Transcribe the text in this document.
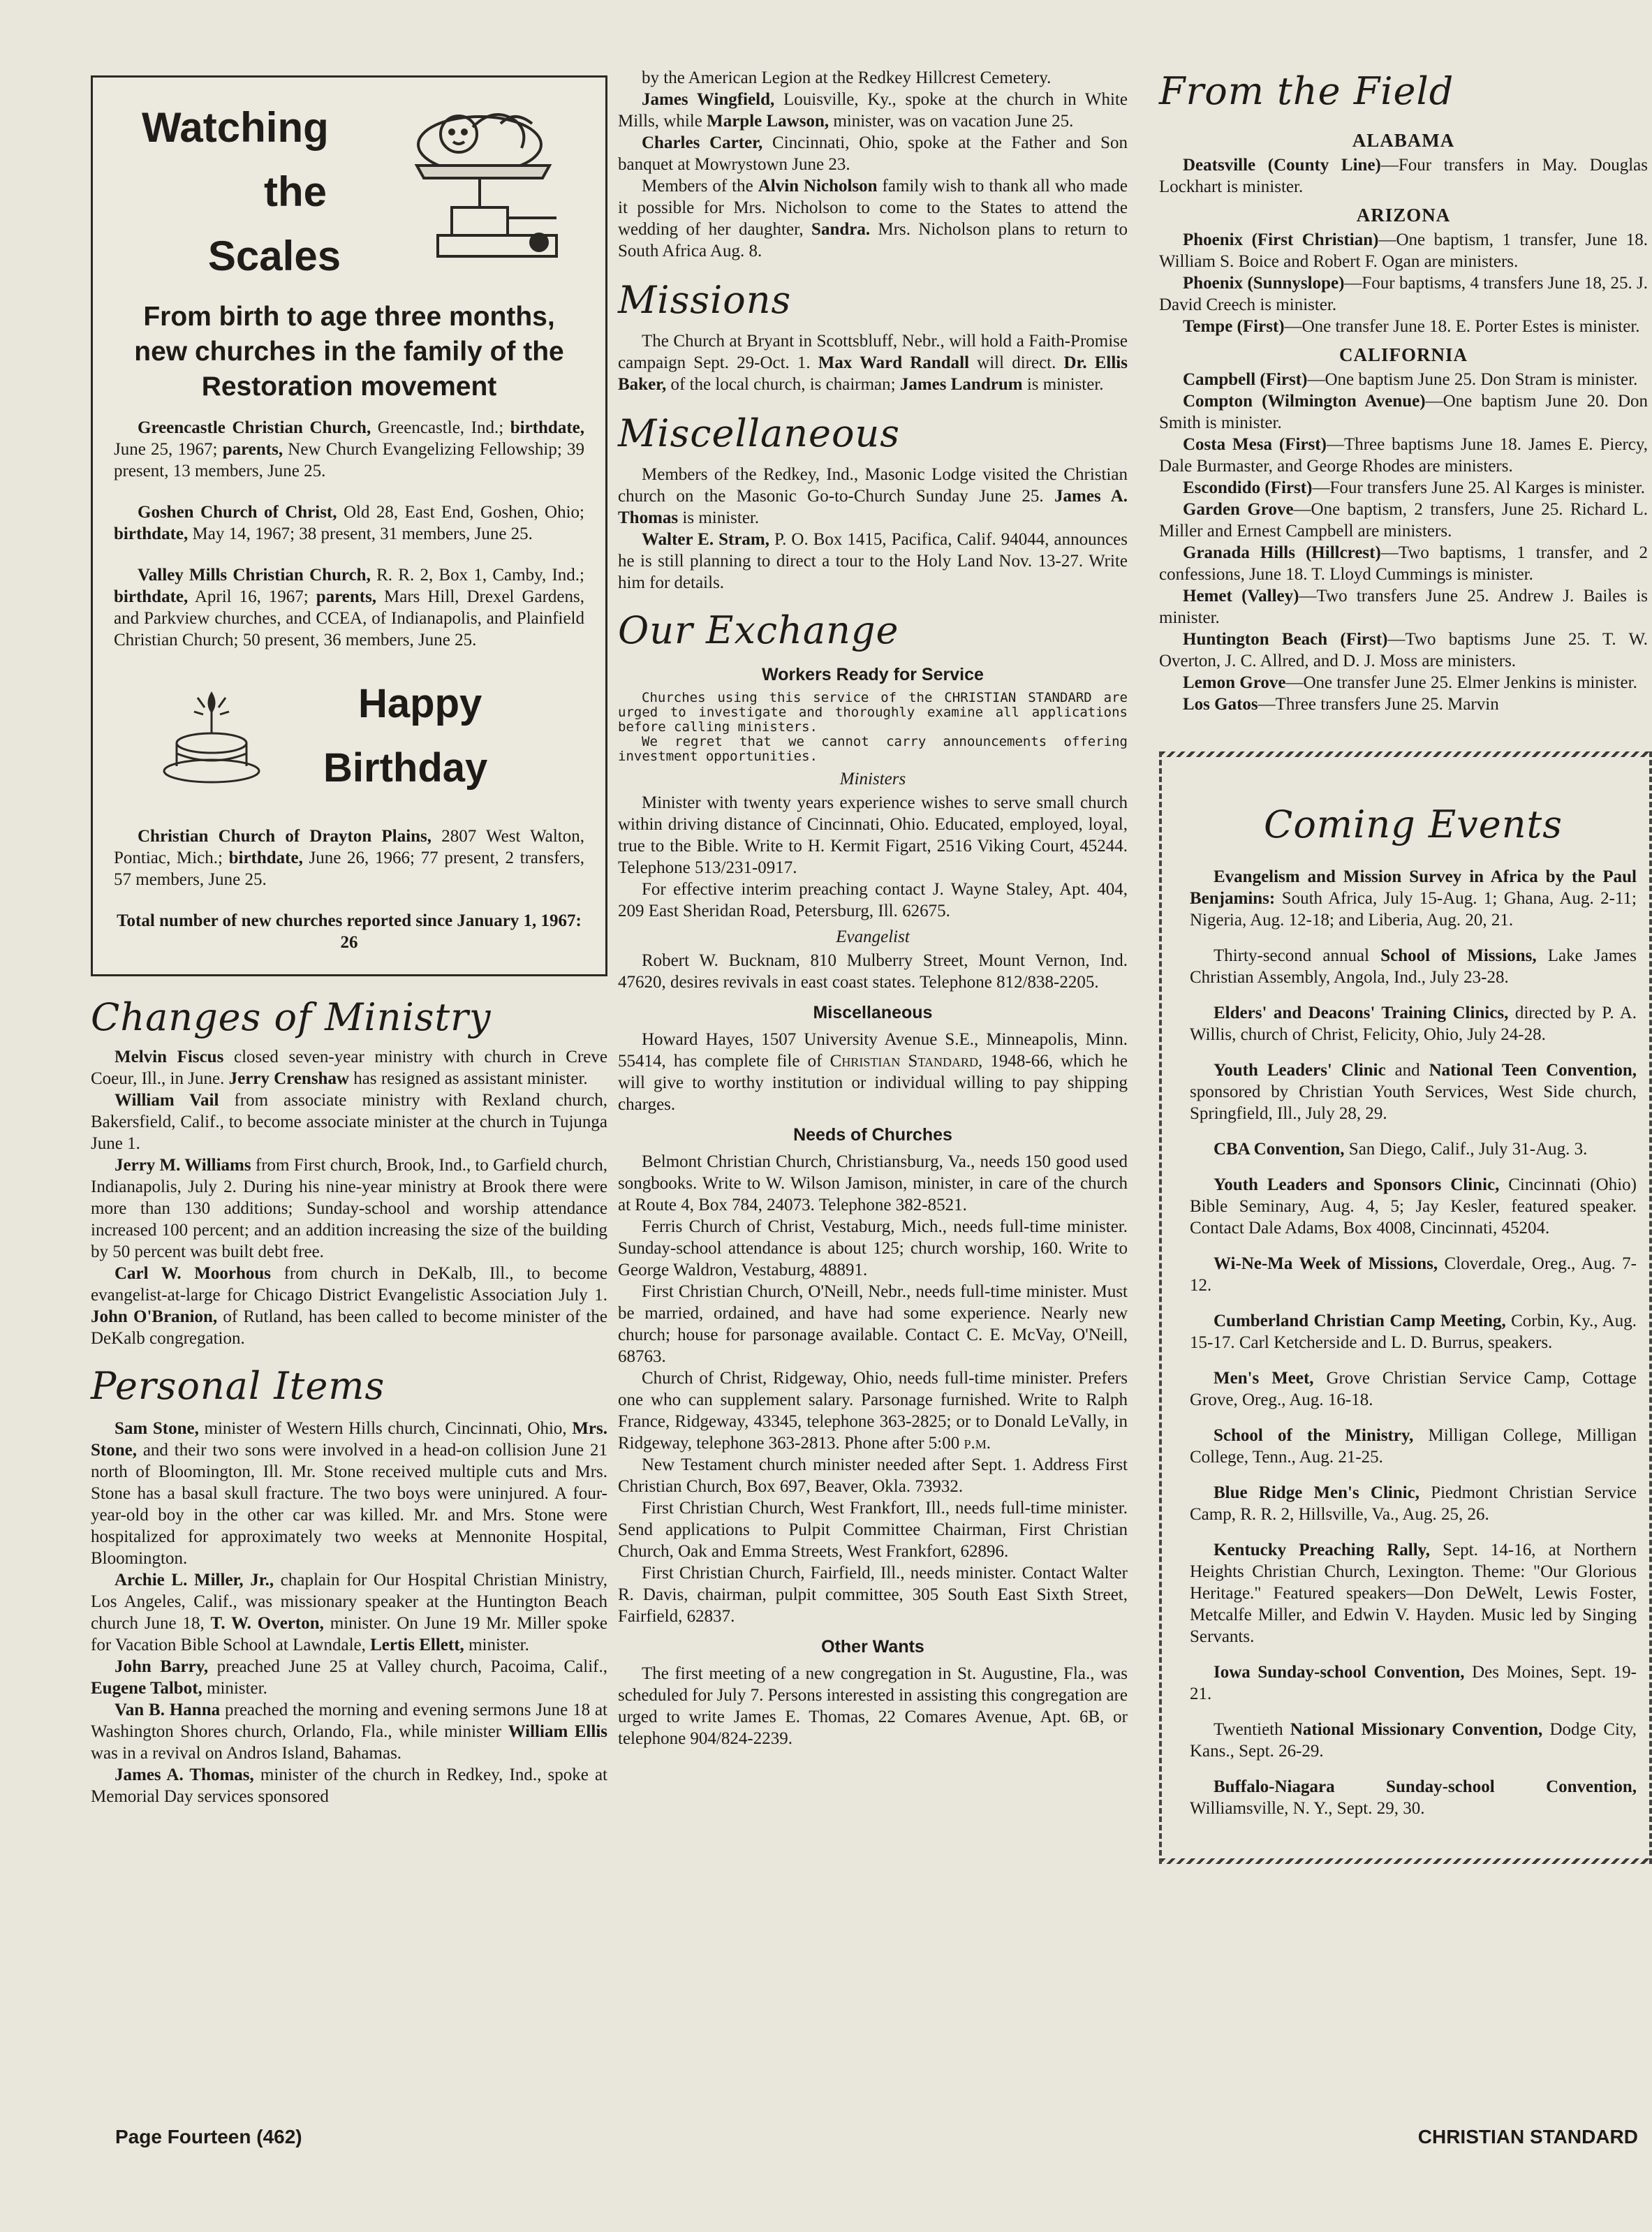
Watching
the
Scales
From birth to age three months, new churches in the family of the Restoration movement

Greencastle Christian Church, Greencastle, Ind.; birthdate, June 25, 1967; parents, New Church Evangelizing Fellowship; 39 present, 13 members, June 25.

Goshen Church of Christ, Old 28, East End, Goshen, Ohio; birthdate, May 14, 1967; 38 present, 31 members, June 25.

Valley Mills Christian Church, R. R. 2, Box 1, Camby, Ind.; birthdate, April 16, 1967; parents, Mars Hill, Drexel Gardens, and Parkview churches, and CCEA, of Indianapolis, and Plainfield Christian Church; 50 present, 36 members, June 25.

Happy
Birthday

Christian Church of Drayton Plains, 2807 West Walton, Pontiac, Mich.; birthdate, June 26, 1966; 77 present, 2 transfers, 57 members, June 25.

Total number of new churches reported since January 1, 1967: 26
Changes of Ministry

Melvin Fiscus closed seven-year ministry with church in Creve Coeur, Ill., in June. Jerry Crenshaw has resigned as assistant minister.

William Vail from associate ministry with Rexland church, Bakersfield, Calif., to become associate minister at the church in Tujunga June 1.

Jerry M. Williams from First church, Brook, Ind., to Garfield church, Indianapolis, July 2. During his nine-year ministry at Brook there were more than 130 additions; Sunday-school and worship attendance increased 100 percent; and an addition increasing the size of the building by 50 percent was built debt free.

Carl W. Moorhous from church in DeKalb, Ill., to become evangelist-at-large for Chicago District Evangelistic Association July 1. John O'Branion, of Rutland, has been called to become minister of the DeKalb congregation.

Personal Items

Sam Stone, minister of Western Hills church, Cincinnati, Ohio, Mrs. Stone, and their two sons were involved in a head-on collision June 21 north of Bloomington, Ill. Mr. Stone received multiple cuts and Mrs. Stone has a basal skull fracture. The two boys were uninjured. A four-year-old boy in the other car was killed. Mr. and Mrs. Stone were hospitalized for approximately two weeks at Mennonite Hospital, Bloomington.

Archie L. Miller, Jr., chaplain for Our Hospital Christian Ministry, Los Angeles, Calif., was missionary speaker at the Huntington Beach church June 18, T. W. Overton, minister. On June 19 Mr. Miller spoke for Vacation Bible School at Lawndale, Lertis Ellett, minister.

John Barry, preached June 25 at Valley church, Pacoima, Calif., Eugene Talbot, minister.

Van B. Hanna preached the morning and evening sermons June 18 at Washington Shores church, Orlando, Fla., while minister William Ellis was in a revival on Andros Island, Bahamas.

James A. Thomas, minister of the church in Redkey, Ind., spoke at Memorial Day services sponsored

by the American Legion at the Redkey Hillcrest Cemetery.

James Wingfield, Louisville, Ky., spoke at the church in White Mills, while Marple Lawson, minister, was on vacation June 25.

Charles Carter, Cincinnati, Ohio, spoke at the Father and Son banquet at Mowrystown June 23.

Members of the Alvin Nicholson family wish to thank all who made it possible for Mrs. Nicholson to come to the States to attend the wedding of her daughter, Sandra. Mrs. Nicholson plans to return to South Africa Aug. 8.

Missions

The Church at Bryant in Scottsbluff, Nebr., will hold a Faith-Promise campaign Sept. 29-Oct. 1. Max Ward Randall will direct. Dr. Ellis Baker, of the local church, is chairman; James Landrum is minister.

Miscellaneous

Members of the Redkey, Ind., Masonic Lodge visited the Christian church on the Masonic Go-to-Church Sunday June 25. James A. Thomas is minister.

Walter E. Stram, P. O. Box 1415, Pacifica, Calif. 94044, announces he is still planning to direct a tour to the Holy Land Nov. 13-27. Write him for details.

Our Exchange
Workers Ready for Service

Churches using this service of the CHRISTIAN STANDARD are urged to investigate and thoroughly examine all applications before calling ministers.

We regret that we cannot carry announcements offering investment opportunities.

Ministers

Minister with twenty years experience wishes to serve small church within driving distance of Cincinnati, Ohio. Educated, employed, loyal, true to the Bible. Write to H. Kermit Figart, 2516 Viking Court, 45244. Telephone 513/231-0917.

For effective interim preaching contact J. Wayne Staley, Apt. 404, 209 East Sheridan Road, Petersburg, Ill. 62675.

Evangelist

Robert W. Bucknam, 810 Mulberry Street, Mount Vernon, Ind. 47620, desires revivals in east coast states. Telephone 812/838-2205.

Miscellaneous

Howard Hayes, 1507 University Avenue S.E., Minneapolis, Minn. 55414, has complete file of Christian Standard, 1948-66, which he will give to worthy institution or individual willing to pay shipping charges.

Needs of Churches

Belmont Christian Church, Christiansburg, Va., needs 150 good used songbooks. Write to W. Wilson Jamison, minister, in care of the church at Route 4, Box 784, 24073. Telephone 382-8521.

Ferris Church of Christ, Vestaburg, Mich., needs full-time minister. Sunday-school attendance is about 125; church worship, 160. Write to George Waldron, Vestaburg, 48891.

First Christian Church, O'Neill, Nebr., needs full-time minister. Must be married, ordained, and have had some experience. Nearly new church; house for parsonage available. Contact C. E. McVay, O'Neill, 68763.

Church of Christ, Ridgeway, Ohio, needs full-time minister. Prefers one who can supplement salary. Parsonage furnished. Write to Ralph France, Ridgeway, 43345, telephone 363-2825; or to Donald LeVally, in Ridgeway, telephone 363-2813. Phone after 5:00 p.m.

New Testament church minister needed after Sept. 1. Address First Christian Church, Box 697, Beaver, Okla. 73932.

First Christian Church, West Frankfort, Ill., needs full-time minister. Send applications to Pulpit Committee Chairman, First Christian Church, Oak and Emma Streets, West Frankfort, 62896.

First Christian Church, Fairfield, Ill., needs minister. Contact Walter R. Davis, chairman, pulpit committee, 305 South East Sixth Street, Fairfield, 62837.

Other Wants

The first meeting of a new congregation in St. Augustine, Fla., was scheduled for July 7. Persons interested in assisting this congregation are urged to write James E. Thomas, 22 Comares Avenue, Apt. 6B, or telephone 904/824-2239.

From the Field
ALABAMA

Deatsville (County Line)—Four transfers in May. Douglas Lockhart is minister.

ARIZONA

Phoenix (First Christian)—One baptism, 1 transfer, June 18. William S. Boice and Robert F. Ogan are ministers.

Phoenix (Sunnyslope)—Four baptisms, 4 transfers June 18, 25. J. David Creech is minister.

Tempe (First)—One transfer June 18. E. Porter Estes is minister.

CALIFORNIA

Campbell (First)—One baptism June 25. Don Stram is minister.

Compton (Wilmington Avenue)—One baptism June 20. Don Smith is minister.

Costa Mesa (First)—Three baptisms June 18. James E. Piercy, Dale Burmaster, and George Rhodes are ministers.

Escondido (First)—Four transfers June 25. Al Karges is minister.

Garden Grove—One baptism, 2 transfers, June 25. Richard L. Miller and Ernest Campbell are ministers.

Granada Hills (Hillcrest)—Two baptisms, 1 transfer, and 2 confessions, June 18. T. Lloyd Cummings is minister.

Hemet (Valley)—Two transfers June 25. Andrew J. Bailes is minister.

Huntington Beach (First)—Two baptisms June 25. T. W. Overton, J. C. Allred, and D. J. Moss are ministers.

Lemon Grove—One transfer June 25. Elmer Jenkins is minister.

Los Gatos—Three transfers June 25. Marvin

Coming Events

Evangelism and Mission Survey in Africa by the Paul Benjamins: South Africa, July 15-Aug. 1; Ghana, Aug. 2-11; Nigeria, Aug. 12-18; and Liberia, Aug. 20, 21.

Thirty-second annual School of Missions, Lake James Christian Assembly, Angola, Ind., July 23-28.

Elders' and Deacons' Training Clinics, directed by P. A. Willis, church of Christ, Felicity, Ohio, July 24-28.

Youth Leaders' Clinic and National Teen Convention, sponsored by Christian Youth Services, West Side church, Springfield, Ill., July 28, 29.

CBA Convention, San Diego, Calif., July 31-Aug. 3.

Youth Leaders and Sponsors Clinic, Cincinnati (Ohio) Bible Seminary, Aug. 4, 5; Jay Kesler, featured speaker. Contact Dale Adams, Box 4008, Cincinnati, 45204.

Wi-Ne-Ma Week of Missions, Cloverdale, Oreg., Aug. 7-12.

Cumberland Christian Camp Meeting, Corbin, Ky., Aug. 15-17. Carl Ketcherside and L. D. Burrus, speakers.

Men's Meet, Grove Christian Service Camp, Cottage Grove, Oreg., Aug. 16-18.

School of the Ministry, Milligan College, Milligan College, Tenn., Aug. 21-25.

Blue Ridge Men's Clinic, Piedmont Christian Service Camp, R. R. 2, Hillsville, Va., Aug. 25, 26.

Kentucky Preaching Rally, Sept. 14-16, at Northern Heights Christian Church, Lexington. Theme: "Our Glorious Heritage." Featured speakers—Don DeWelt, Lewis Foster, Metcalfe Miller, and Edwin V. Hayden. Music led by Singing Servants.

Iowa Sunday-school Convention, Des Moines, Sept. 19-21.

Twentieth National Missionary Convention, Dodge City, Kans., Sept. 26-29.

Buffalo-Niagara Sunday-school Convention, Williamsville, N. Y., Sept. 29, 30.

Page Fourteen (462)	CHRISTIAN STANDARD
